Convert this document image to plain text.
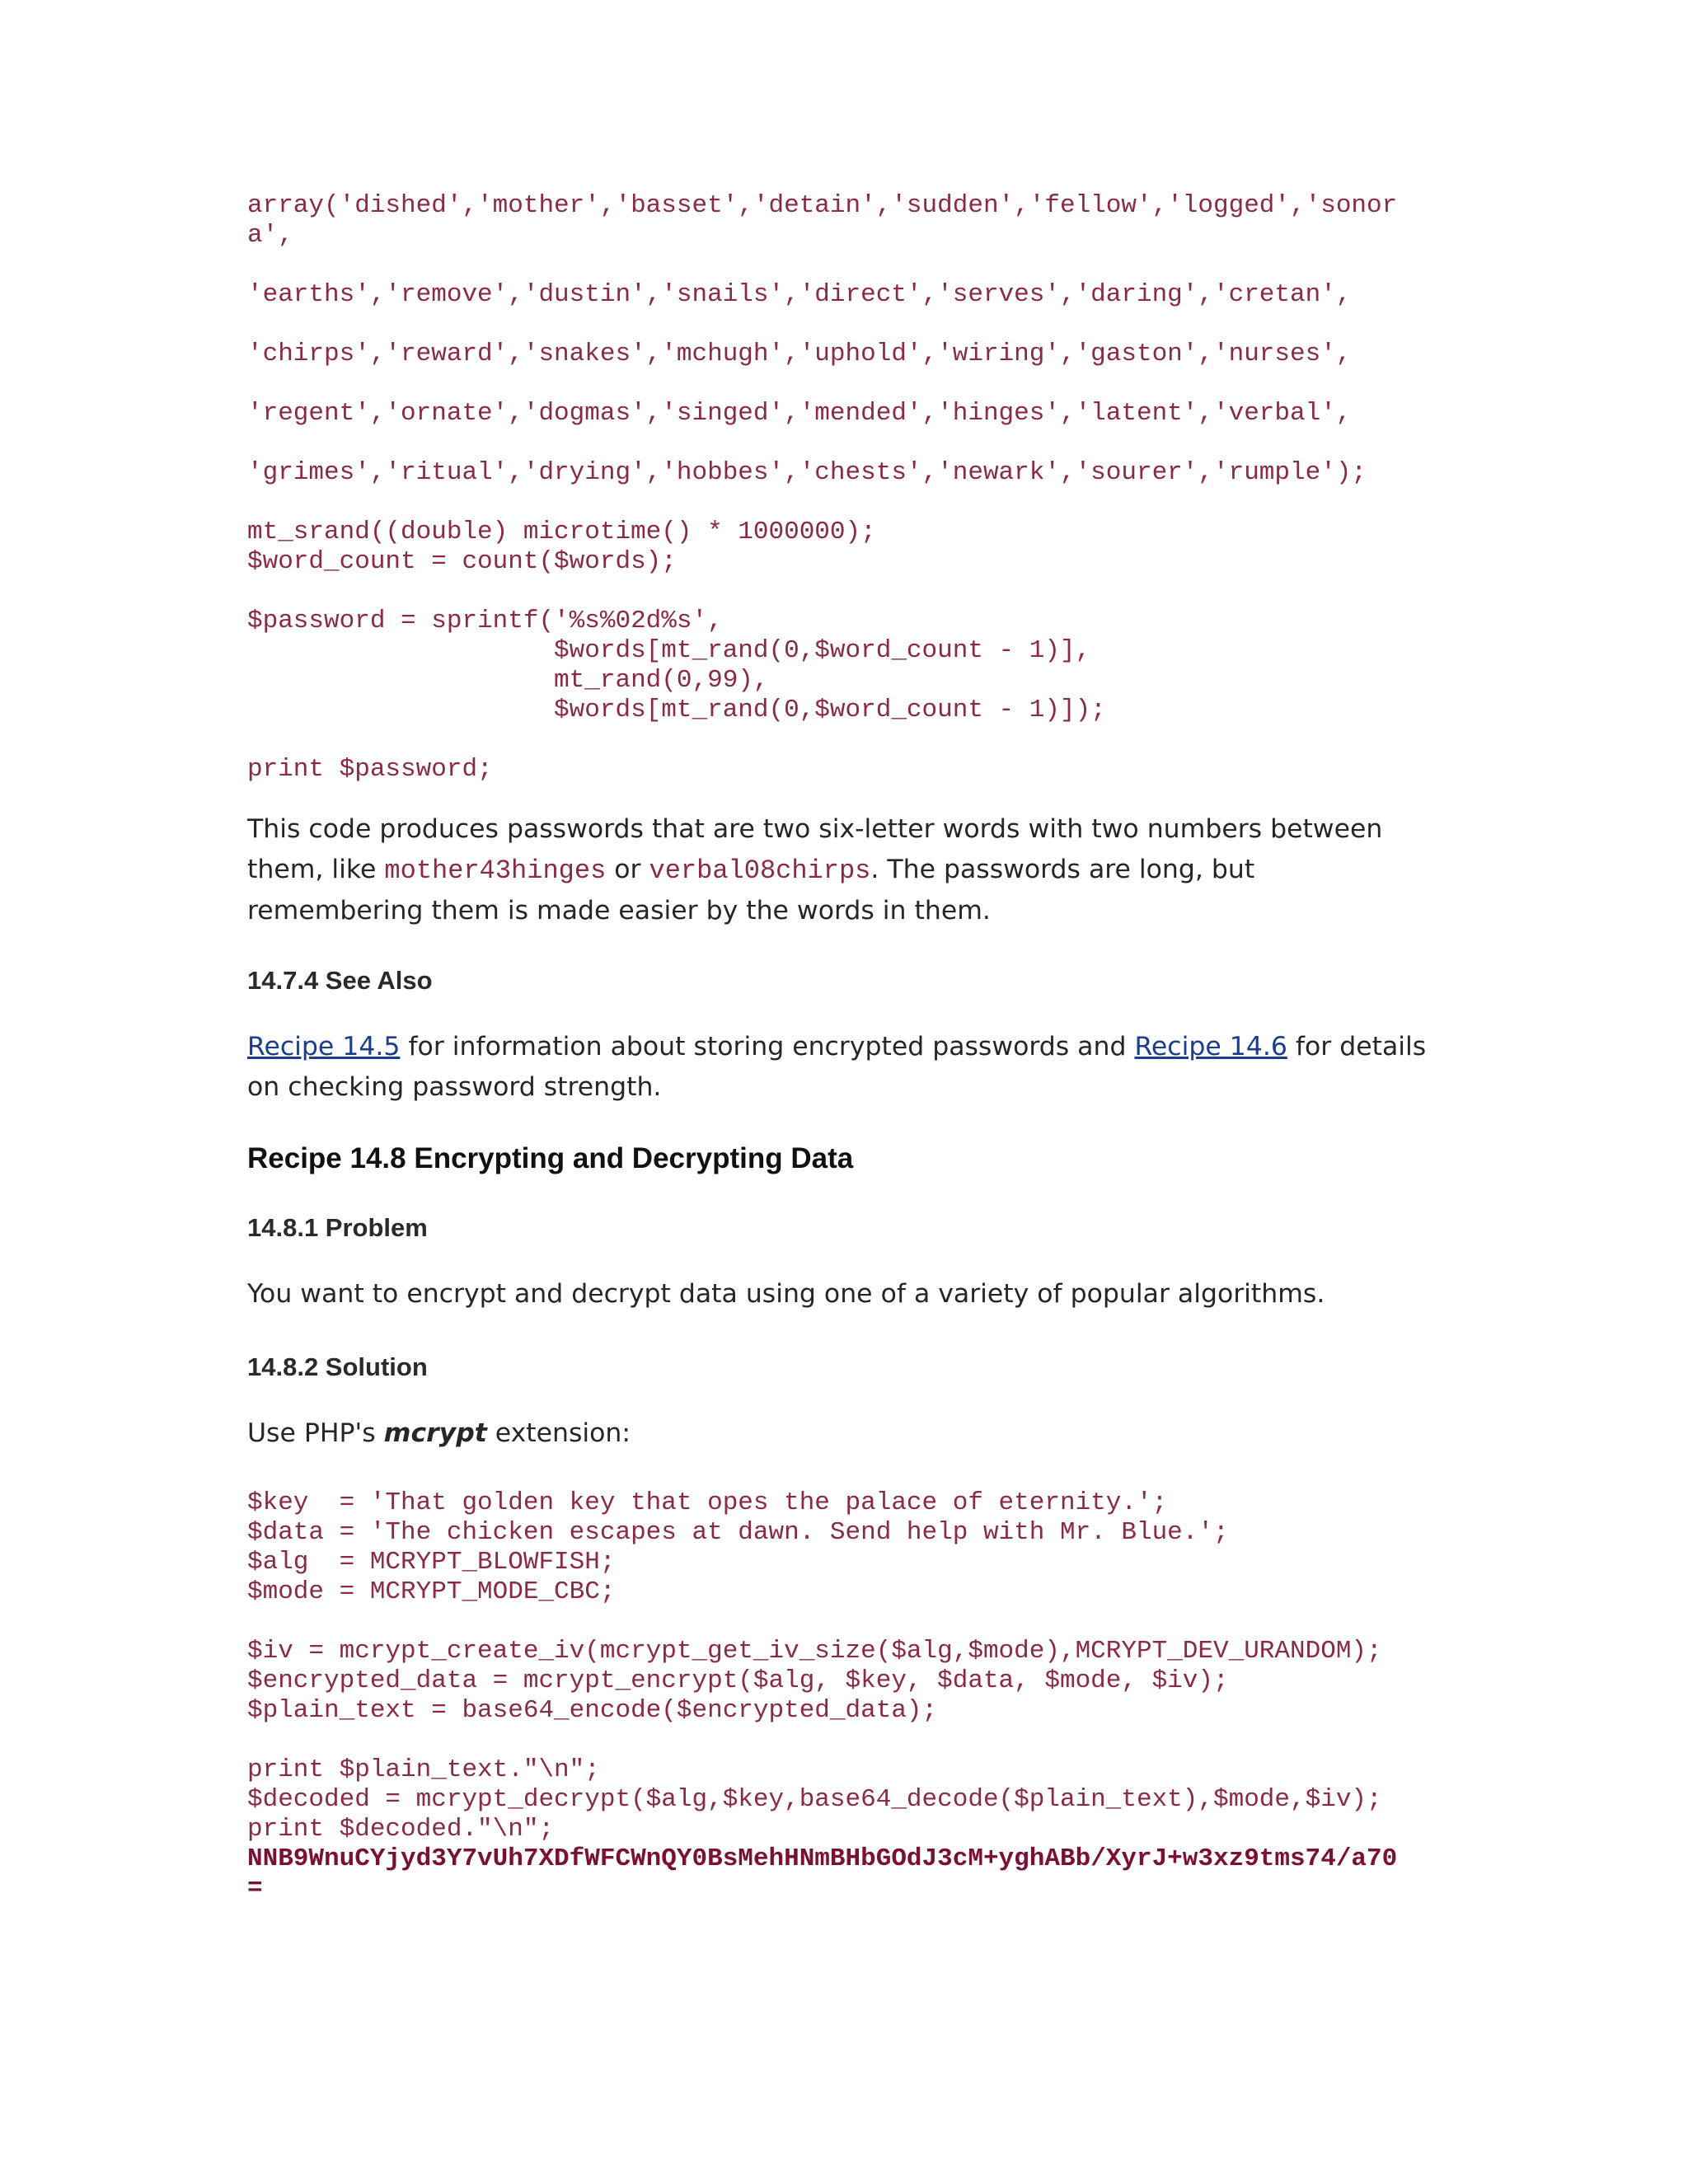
array('dished','mother','basset','detain','sudden','fellow','logged','sonor
a',

'earths','remove','dustin','snails','direct','serves','daring','cretan',

'chirps','reward','snakes','mchugh','uphold','wiring','gaston','nurses',

'regent','ornate','dogmas','singed','mended','hinges','latent','verbal',

'grimes','ritual','drying','hobbes','chests','newark','sourer','rumple');

mt_srand((double) microtime() * 1000000);
$word_count = count($words);

$password = sprintf('%s%02d%s',
$words[mt_rand(0,$word_count - 1)],
mt_rand(0,99),
$words[mt_rand(0,$word_count - 1)]);

print $password;

This code produces passwords that are two six-letter words with two numbers between them, like mother43hinges or verbal08chirps. The passwords are long, but remembering them is made easier by the words in them.

14.7.4 See Also

Recipe 14.5 for information about storing encrypted passwords and Recipe 14.6 for details on checking password strength.

Recipe 14.8 Encrypting and Decrypting Data
14.8.1 Problem

You want to encrypt and decrypt data using one of a variety of popular algorithms.

14.8.2 Solution

Use PHP's mcrypt extension:

$key  = 'That golden key that opes the palace of eternity.';
$data = 'The chicken escapes at dawn. Send help with Mr. Blue.';
$alg  = MCRYPT_BLOWFISH;
$mode = MCRYPT_MODE_CBC;

$iv = mcrypt_create_iv(mcrypt_get_iv_size($alg,$mode),MCRYPT_DEV_URANDOM);
$encrypted_data = mcrypt_encrypt($alg, $key, $data, $mode, $iv);
$plain_text = base64_encode($encrypted_data);

print $plain_text."\n";
$decoded = mcrypt_decrypt($alg,$key,base64_decode($plain_text),$mode,$iv);
print $decoded."\n";
NNB9WnuCYjyd3Y7vUh7XDfWFCWnQY0BsMehHNmBHbGOdJ3cM+yghABb/XyrJ+w3xz9tms74/a70
=
